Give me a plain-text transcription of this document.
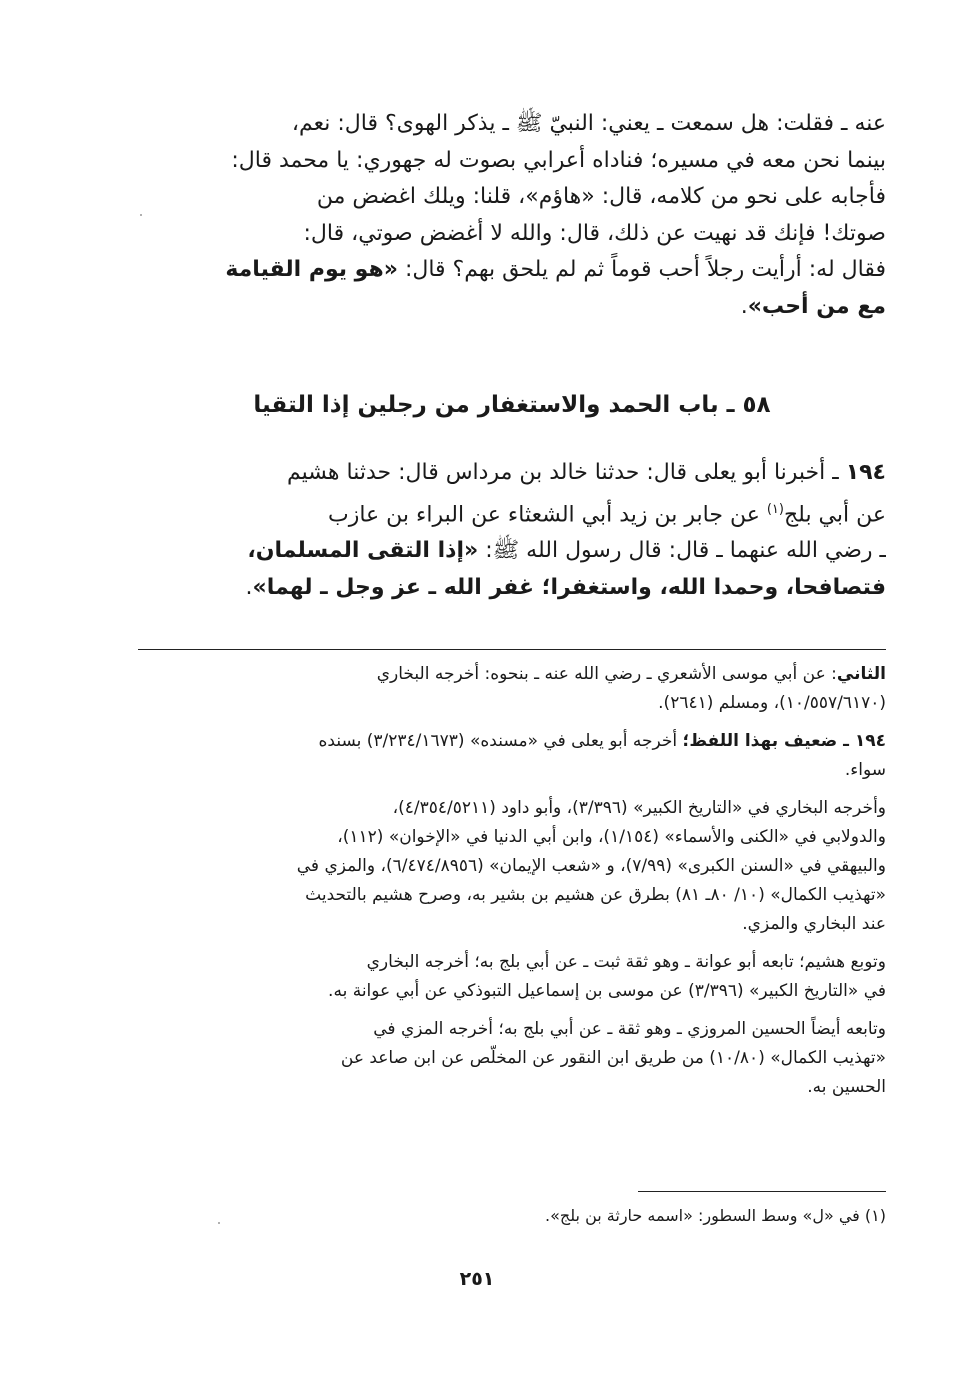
عنه ـ فقلت: هل سمعت ـ يعني: النبيّ ﷺ ـ يذكر الهوى؟ قال: نعم،
بينما نحن معه في مسيره؛ فناداه أعرابي بصوت له جهوري: يا محمد قال:
فأجابه على نحو من كلامه، قال: «هاؤم»، قلنا: ويلك اغضض من
صوتك! فإنك قد نهيت عن ذلك، قال: والله لا أغضض صوتي، قال:
فقال له: أرأيت رجلاً أحب قوماً ثم لم يلحق بهم؟ قال: «هو يوم القيامة
مع من أحب».
٥٨ ـ باب الحمد والاستغفار من رجلين إذا التقيا
١٩٤ ـ أخبرنا أبو يعلى قال: حدثنا خالد بن مرداس قال: حدثنا هشيم
عن أبي بلج$^{(١)}$ عن جابر بن زيد أبي الشعثاء عن البراء بن عازب
ـ رضي الله عنهما ـ قال: قال رسول الله ﷺ: «إذا التقى المسلمان،
فتصافحا، وحمدا الله، واستغفرا؛ غفر الله ـ عز وجل ـ لهما».
الثاني: عن أبي موسى الأشعري ـ رضي الله عنه ـ بنحوه: أخرجه البخاري
(١٠/٥٥٧/٦١٧٠)، ومسلم (٢٦٤١).
١٩٤ ـ ضعيف بهذا اللفظ؛ أخرجه أبو يعلى في «مسنده» (٣/٢٣٤/١٦٧٣) بسنده
سواء.
وأخرجه البخاري في «التاريخ الكبير» (٣/٣٩٦)، وأبو داود (٤/٣٥٤/٥٢١١)،
والدولابي في «الكنى والأسماء» (١/١٥٤)، وابن أبي الدنيا في «الإخوان» (١١٢)،
والبيهقي في «السنن الكبرى» (٧/٩٩)، و «شعب الإيمان» (٦/٤٧٤/٨٩٥٦)، والمزي في
«تهذيب الكمال» (١٠/ ٨٠ـ ٨١) بطرق عن هشيم بن بشير به، وصرح هشيم بالتحديث
عند البخاري والمزي.
وتوبع هشيم؛ تابعه أبو عوانة ـ وهو ثقة ثبت ـ عن أبي بلج به؛ أخرجه البخاري
في «التاريخ الكبير» (٣/٣٩٦) عن موسى بن إسماعيل التبوذكي عن أبي عوانة به.
وتابعه أيضاً الحسين المروزي ـ وهو ثقة ـ عن أبي بلج به؛ أخرجه المزي في
«تهذيب الكمال» (١٠/٨٠) من طريق ابن النقور عن المخلّص عن ابن صاعد عن
الحسين به.
(١) في «ل» وسط السطور: «اسمه حارثة بن بلج».
٢٥١
